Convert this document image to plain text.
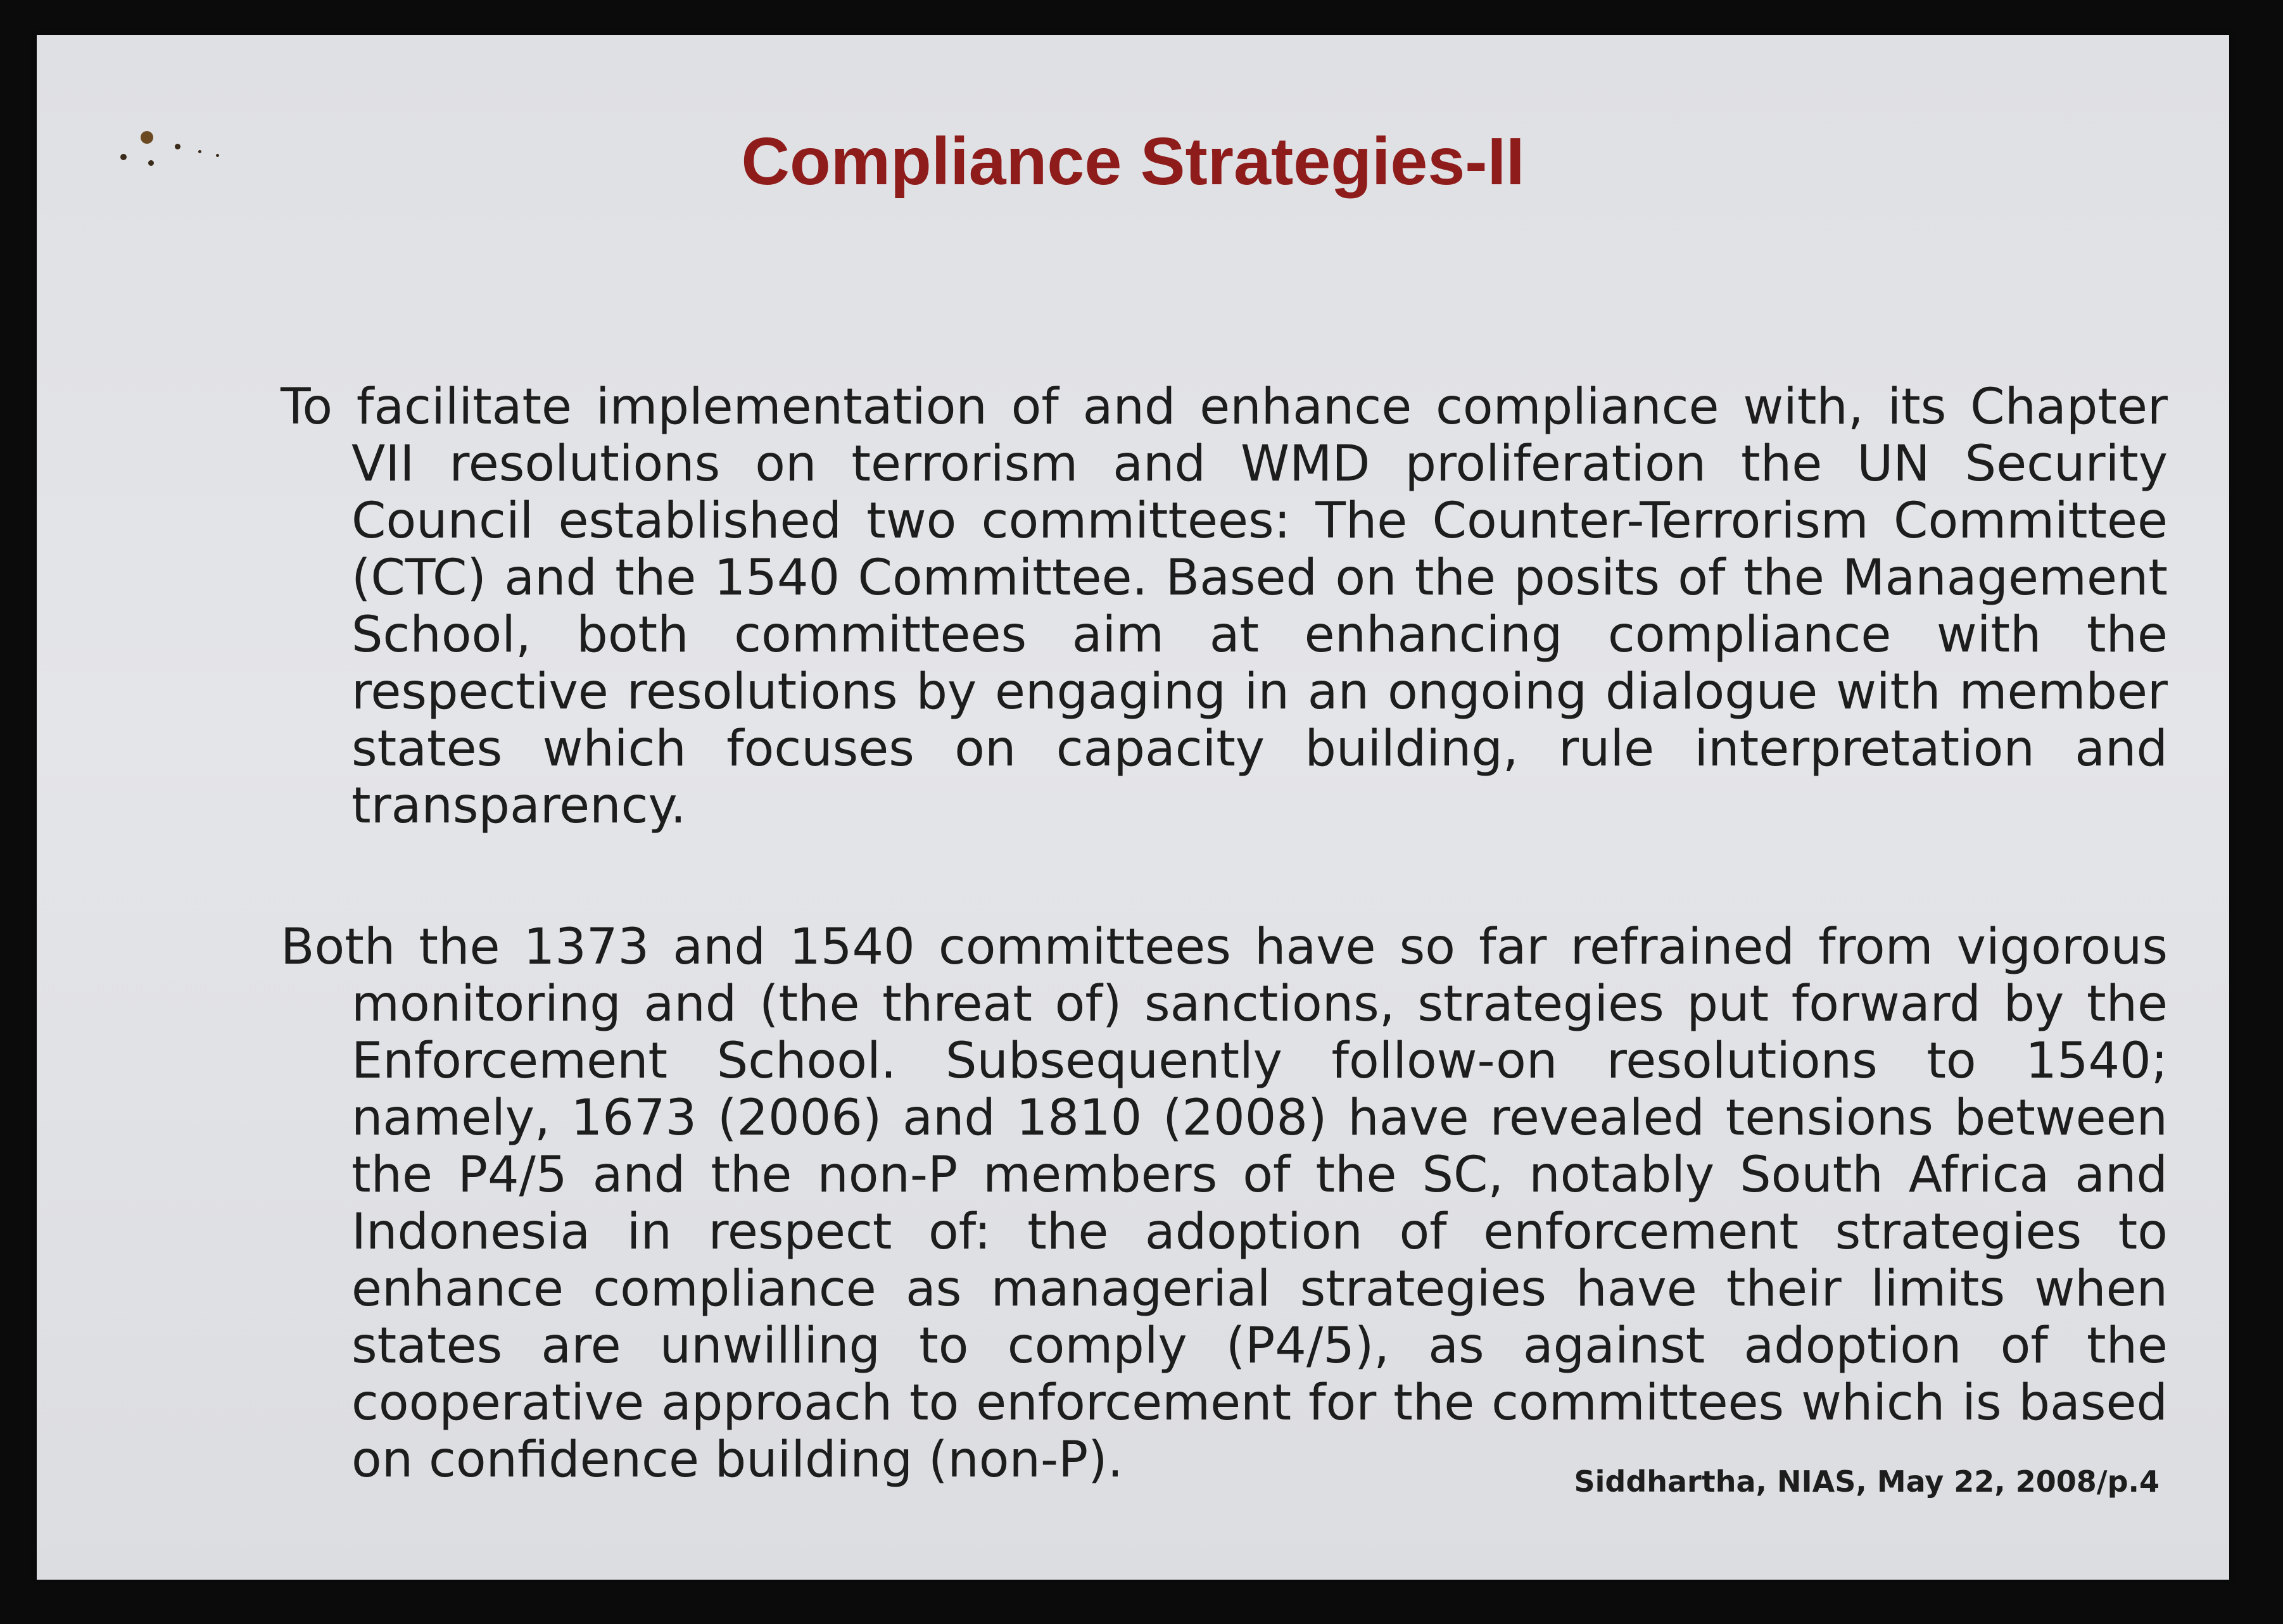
Compliance Strategies-II

To facilitate implementation of and enhance compliance with, its Chapter VII resolutions on terrorism and WMD proliferation the UN Security Council established two committees: The Counter-Terrorism Committee (CTC) and the 1540 Committee. Based on the posits of the Management School, both committees aim at enhancing compliance with the respective resolutions by engaging in an ongoing dialogue with member states which focuses on capacity building, rule interpretation and transparency.

Both the 1373 and 1540 committees have so far refrained from vigorous monitoring and (the threat of) sanctions, strategies put forward by the Enforcement School. Subsequently follow-on resolutions to 1540; namely, 1673 (2006) and 1810 (2008) have revealed tensions between the P4/5 and the non-P members of the SC, notably South Africa and Indonesia in respect of: the adoption of enforcement strategies to enhance compliance as managerial strategies have their limits when states are unwilling to comply (P4/5), as against adoption of the cooperative approach to enforcement for the committees which is based on confidence building (non-P).	Siddhartha, NIAS, May 22, 2008/p.4
